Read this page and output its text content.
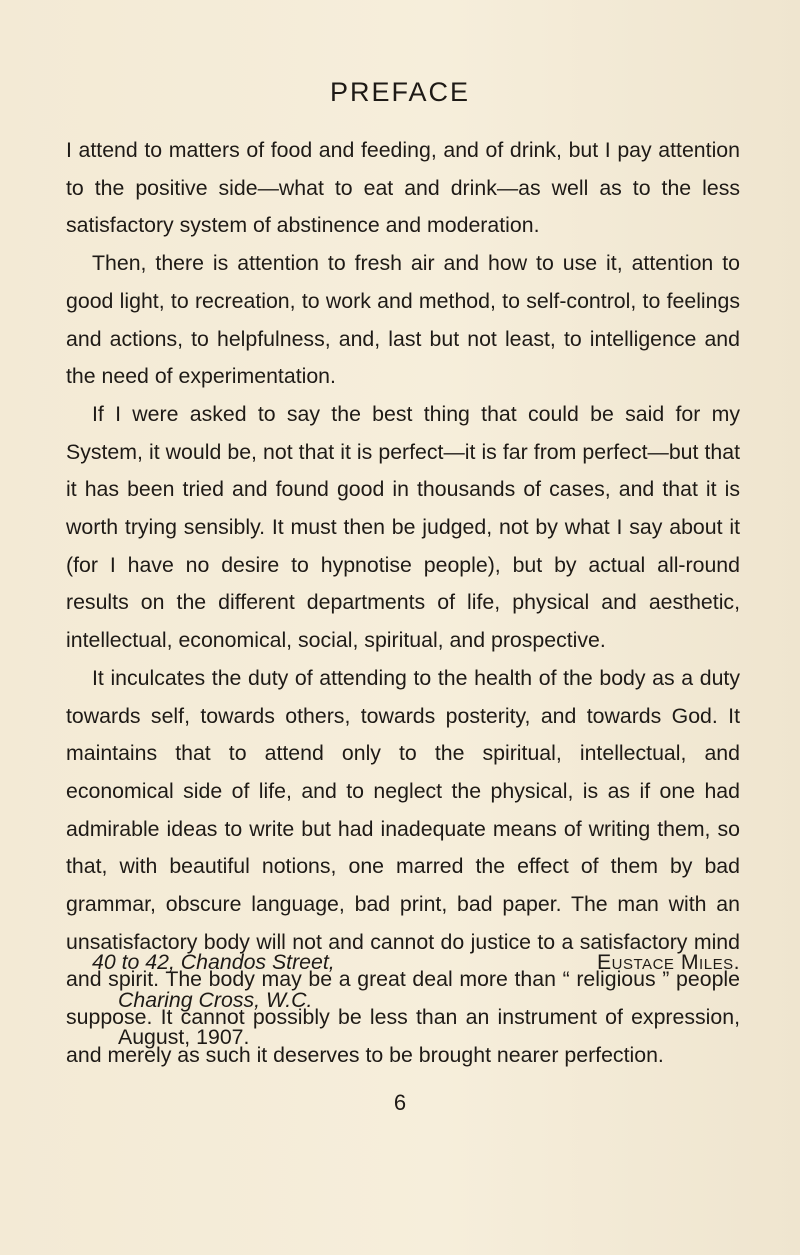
PREFACE

I attend to matters of food and feeding, and of drink, but I pay attention to the positive side—what to eat and drink—as well as to the less satisfactory system of abstinence and moderation.

Then, there is attention to fresh air and how to use it, attention to good light, to recreation, to work and method, to self-control, to feelings and actions, to helpfulness, and, last but not least, to intelligence and the need of experimentation.

If I were asked to say the best thing that could be said for my System, it would be, not that it is perfect—it is far from perfect—but that it has been tried and found good in thousands of cases, and that it is worth trying sensibly. It must then be judged, not by what I say about it (for I have no desire to hypnotise people), but by actual all-round results on the different departments of life, physical and aesthetic, intellectual, economical, social, spiritual, and prospective.

It inculcates the duty of attending to the health of the body as a duty towards self, towards others, towards posterity, and towards God. It maintains that to attend only to the spiritual, intellectual, and economical side of life, and to neglect the physical, is as if one had admirable ideas to write but had inadequate means of writing them, so that, with beautiful notions, one marred the effect of them by bad grammar, obscure language, bad print, bad paper. The man with an unsatisfactory body will not and cannot do justice to a satisfactory mind and spirit. The body may be a great deal more than “ religious ” people suppose. It cannot possibly be less than an instrument of expression, and merely as such it deserves to be brought nearer perfection.

40 to 42, Chandos Street,
Charing Cross, W.C.
August, 1907.
Eustace Miles.
6
